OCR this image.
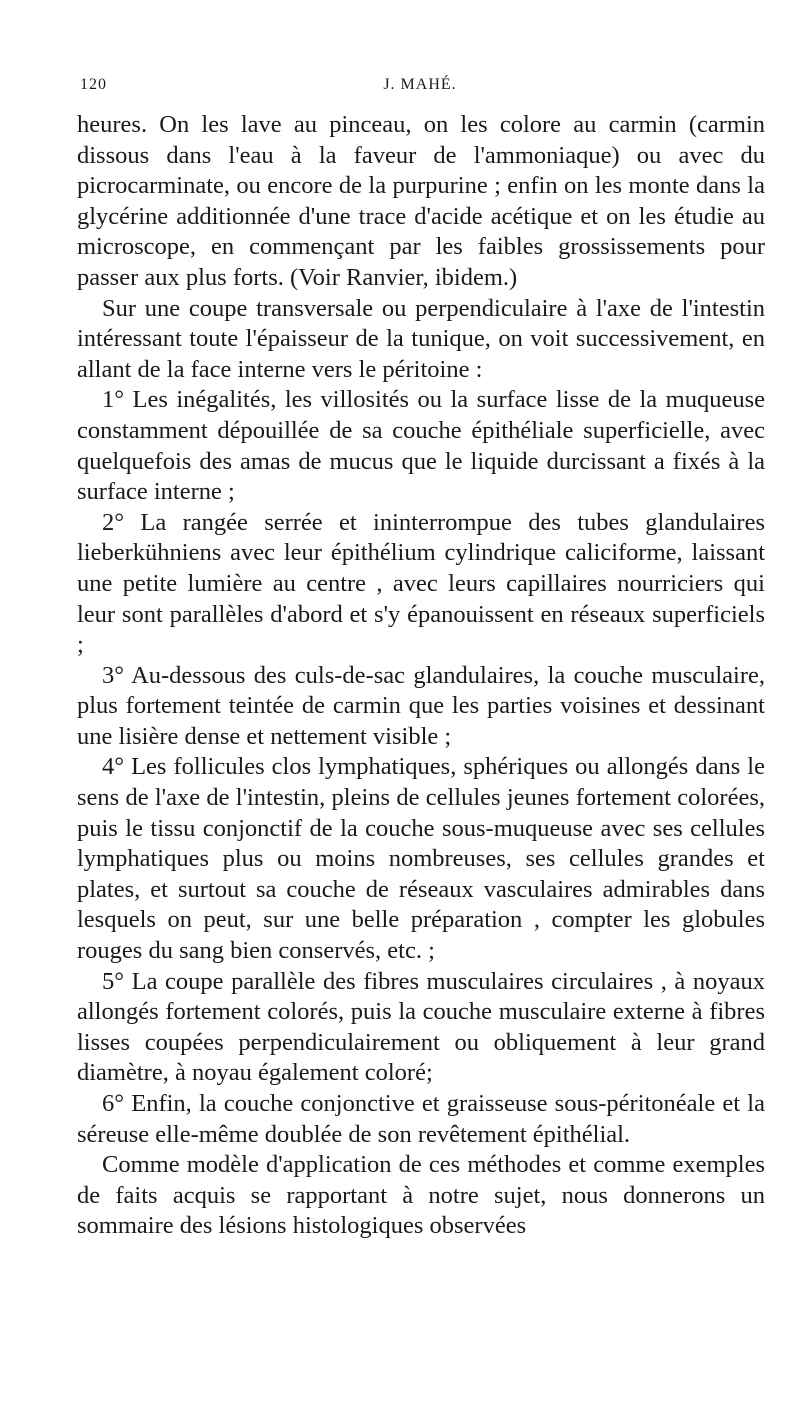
120	J. MAHÉ.

heures. On les lave au pinceau, on les colore au carmin (carmin dissous dans l'eau à la faveur de l'ammoniaque) ou avec du picrocarminate, ou encore de la purpurine ; enfin on les monte dans la glycérine additionnée d'une trace d'acide acétique et on les étudie au microscope, en commençant par les faibles grossissements pour passer aux plus forts. (Voir Ranvier, ibidem.)

Sur une coupe transversale ou perpendiculaire à l'axe de l'intestin intéressant toute l'épaisseur de la tunique, on voit successivement, en allant de la face interne vers le péritoine :

1° Les inégalités, les villosités ou la surface lisse de la muqueuse constamment dépouillée de sa couche épithéliale superficielle, avec quelquefois des amas de mucus que le liquide durcissant a fixés à la surface interne ;

2° La rangée serrée et ininterrompue des tubes glandulaires lieberkühniens avec leur épithélium cylindrique caliciforme, laissant une petite lumière au centre , avec leurs capillaires nourriciers qui leur sont parallèles d'abord et s'y épanouissent en réseaux superficiels ;

3° Au-dessous des culs-de-sac glandulaires, la couche musculaire, plus fortement teintée de carmin que les parties voisines et dessinant une lisière dense et nettement visible ;

4° Les follicules clos lymphatiques, sphériques ou allongés dans le sens de l'axe de l'intestin, pleins de cellules jeunes fortement colorées, puis le tissu conjonctif de la couche sous-muqueuse avec ses cellules lymphatiques plus ou moins nombreuses, ses cellules grandes et plates, et surtout sa couche de réseaux vasculaires admirables dans lesquels on peut, sur une belle préparation , compter les globules rouges du sang bien conservés, etc. ;

5° La coupe parallèle des fibres musculaires circulaires , à noyaux allongés fortement colorés, puis la couche musculaire externe à fibres lisses coupées perpendiculairement ou obliquement à leur grand diamètre, à noyau également coloré;

6° Enfin, la couche conjonctive et graisseuse sous-péritonéale et la séreuse elle-même doublée de son revêtement épithélial.

Comme modèle d'application de ces méthodes et comme exemples de faits acquis se rapportant à notre sujet, nous donnerons un sommaire des lésions histologiques observées
